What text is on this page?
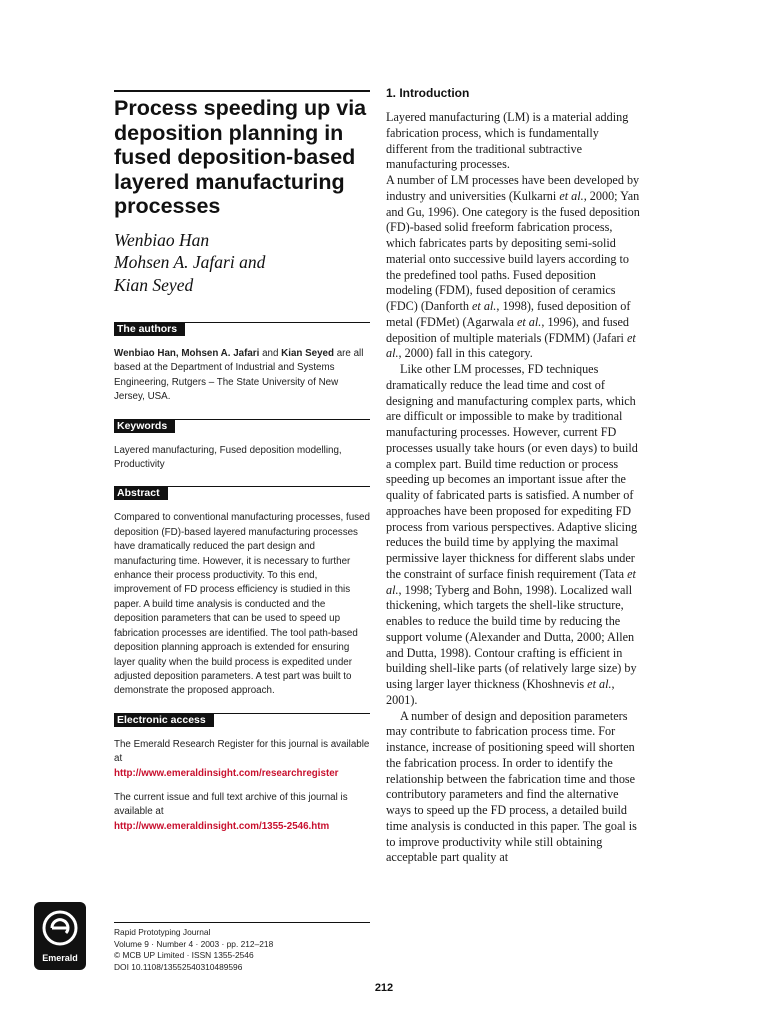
Process speeding up via deposition planning in fused deposition-based layered manufacturing processes
Wenbiao Han
Mohsen A. Jafari and
Kian Seyed
The authors

Wenbiao Han, Mohsen A. Jafari and Kian Seyed are all based at the Department of Industrial and Systems Engineering, Rutgers – The State University of New Jersey, USA.

Keywords

Layered manufacturing, Fused deposition modelling, Productivity

Abstract

Compared to conventional manufacturing processes, fused deposition (FD)-based layered manufacturing processes have dramatically reduced the part design and manufacturing time. However, it is necessary to further enhance their process productivity. To this end, improvement of FD process efficiency is studied in this paper. A build time analysis is conducted and the deposition parameters that can be used to speed up fabrication processes are identified. The tool path-based deposition planning approach is extended for ensuring layer quality when the build process is expedited under adjusted deposition parameters. A test part was built to demonstrate the proposed approach.

Electronic access

The Emerald Research Register for this journal is available at

http://www.emeraldinsight.com/researchregister

The current issue and full text archive of this journal is available at

http://www.emeraldinsight.com/1355-2546.htm

Emerald
Rapid Prototyping Journal
Volume 9 · Number 4 · 2003 · pp. 212–218
© MCB UP Limited · ISSN 1355-2546
DOI 10.1108/13552540310489596
1. Introduction

Layered manufacturing (LM) is a material adding fabrication process, which is fundamentally different from the traditional subtractive manufacturing processes.

A number of LM processes have been developed by industry and universities (Kulkarni et al., 2000; Yan and Gu, 1996). One category is the fused deposition (FD)-based solid freeform fabrication process, which fabricates parts by depositing semi-solid material onto successive build layers according to the predefined tool paths. Fused deposition modeling (FDM), fused deposition of ceramics (FDC) (Danforth et al., 1998), fused deposition of metal (FDMet) (Agarwala et al., 1996), and fused deposition of multiple materials (FDMM) (Jafari et al., 2000) fall in this category.

Like other LM processes, FD techniques dramatically reduce the lead time and cost of designing and manufacturing complex parts, which are difficult or impossible to make by traditional manufacturing processes. However, current FD processes usually take hours (or even days) to build a complex part. Build time reduction or process speeding up becomes an important issue after the quality of fabricated parts is satisfied. A number of approaches have been proposed for expediting FD process from various perspectives. Adaptive slicing reduces the build time by applying the maximal permissive layer thickness for different slabs under the constraint of surface finish requirement (Tata et al., 1998; Tyberg and Bohn, 1998). Localized wall thickening, which targets the shell-like structure, enables to reduce the build time by reducing the support volume (Alexander and Dutta, 2000; Allen and Dutta, 1998). Contour crafting is efficient in building shell-like parts (of relatively large size) by using larger layer thickness (Khoshnevis et al., 2001).

A number of design and deposition parameters may contribute to fabrication process time. For instance, increase of positioning speed will shorten the fabrication process. In order to identify the relationship between the fabrication time and those contributory parameters and find the alternative ways to speed up the FD process, a detailed build time analysis is conducted in this paper. The goal is to improve productivity while still obtaining acceptable part quality at

212
